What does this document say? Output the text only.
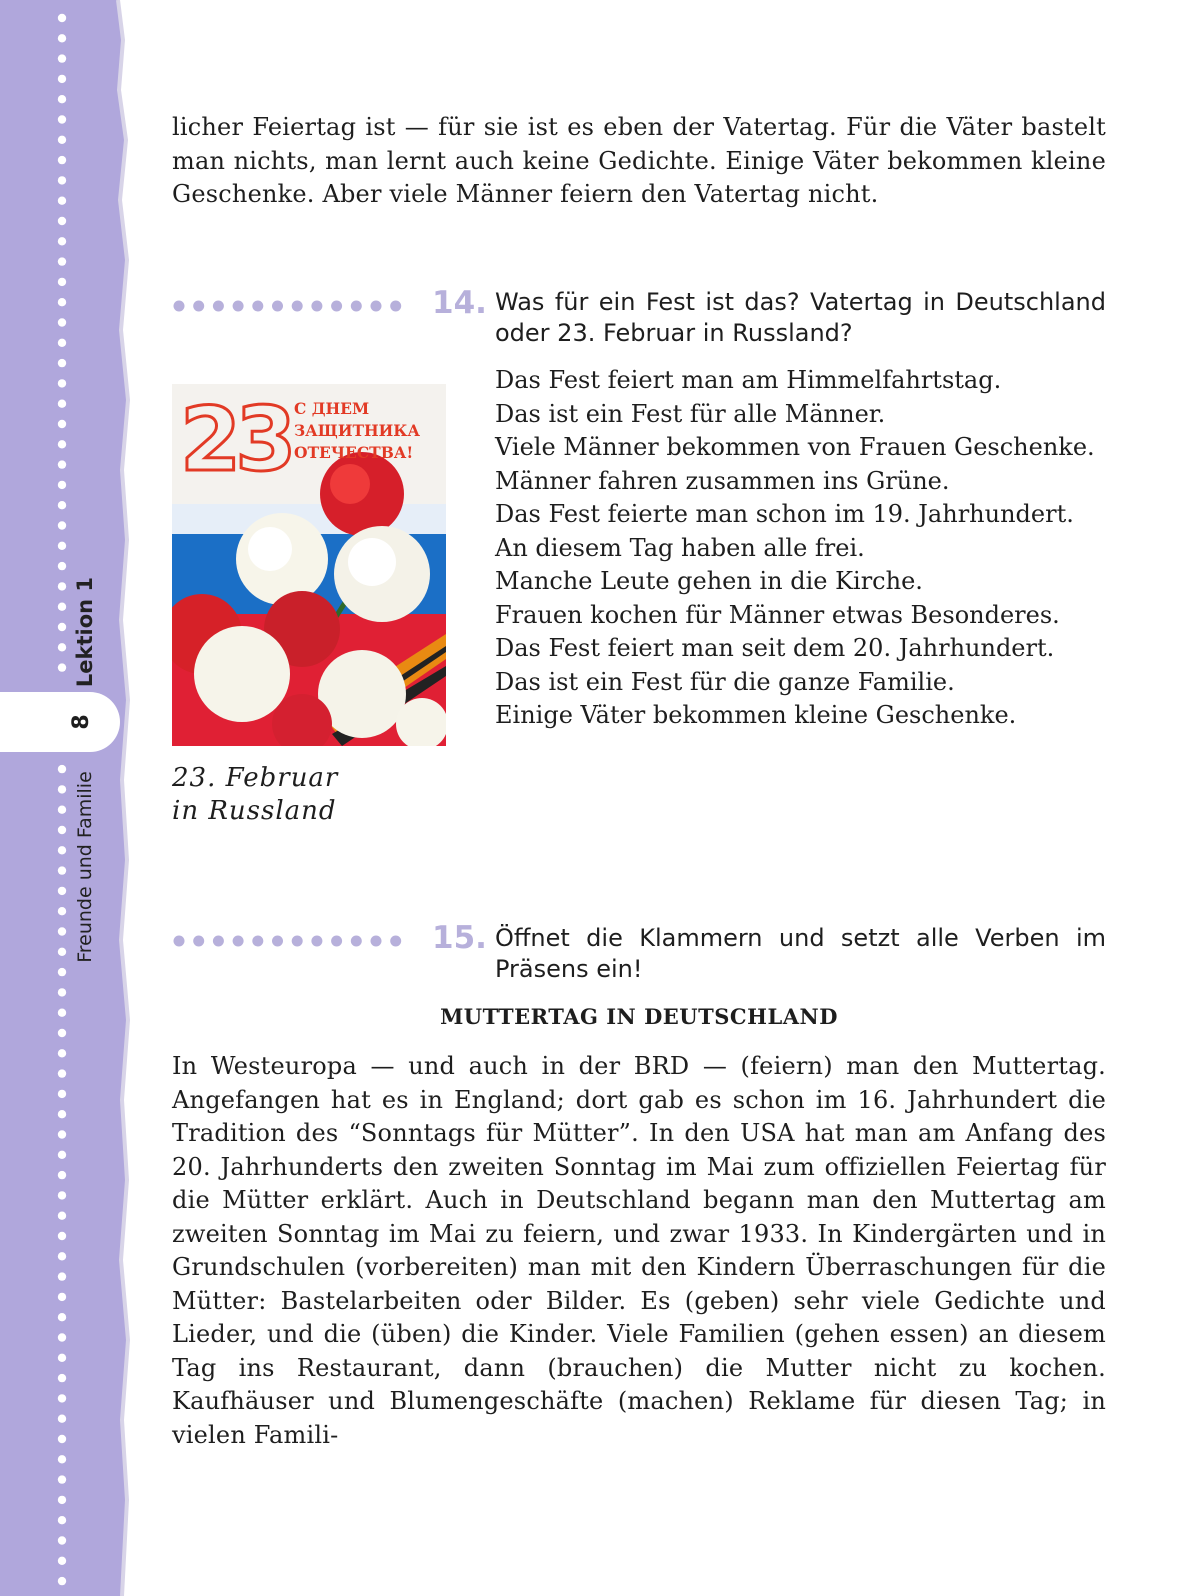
8
Lektion 1
Freunde und Familie
licher Feiertag ist — für sie ist es eben der Vatertag. Für die Väter bastelt man nichts, man lernt auch keine Gedichte. Einige Väter bekommen kleine Geschenke. Aber viele Männer feiern den Vatertag nicht.
14. Was für ein Fest ist das? Vatertag in Deutschland oder 23. Februar in Russland?
23 С ДНЕМ
ЗАЩИТНИКА
ОТЕЧЕСТВА!
23. Februar
in Russland
Das Fest feiert man am Himmelfahrtstag.
Das ist ein Fest für alle Männer.
Viele Männer bekommen von Frauen Geschenke.
Männer fahren zusammen ins Grüne.
Das Fest feierte man schon im 19. Jahrhundert.
An diesem Tag haben alle frei.
Manche Leute gehen in die Kirche.
Frauen kochen für Männer etwas Besonderes.
Das Fest feiert man seit dem 20. Jahrhundert.
Das ist ein Fest für die ganze Familie.
Einige Väter bekommen kleine Geschenke.
15. Öffnet die Klammern und setzt alle Verben im Präsens ein!
MUTTERTAG IN DEUTSCHLAND
In Westeuropa — und auch in der BRD — (feiern) man den Muttertag. Angefangen hat es in England; dort gab es schon im 16. Jahrhundert die Tradition des “Sonntags für Mütter”. In den USA hat man am Anfang des 20. Jahrhunderts den zweiten Sonntag im Mai zum offiziellen Feiertag für die Mütter erklärt. Auch in Deutschland begann man den Muttertag am zweiten Sonntag im Mai zu feiern, und zwar 1933. In Kindergärten und in Grundschulen (vorbereiten) man mit den Kindern Überraschungen für die Mütter: Bastelarbeiten oder Bilder. Es (geben) sehr viele Gedichte und Lieder, und die (üben) die Kinder. Viele Familien (gehen essen) an diesem Tag ins Restaurant, dann (brauchen) die Mutter nicht zu kochen. Kaufhäuser und Blumengeschäfte (machen) Reklame für diesen Tag; in vielen Famili-
